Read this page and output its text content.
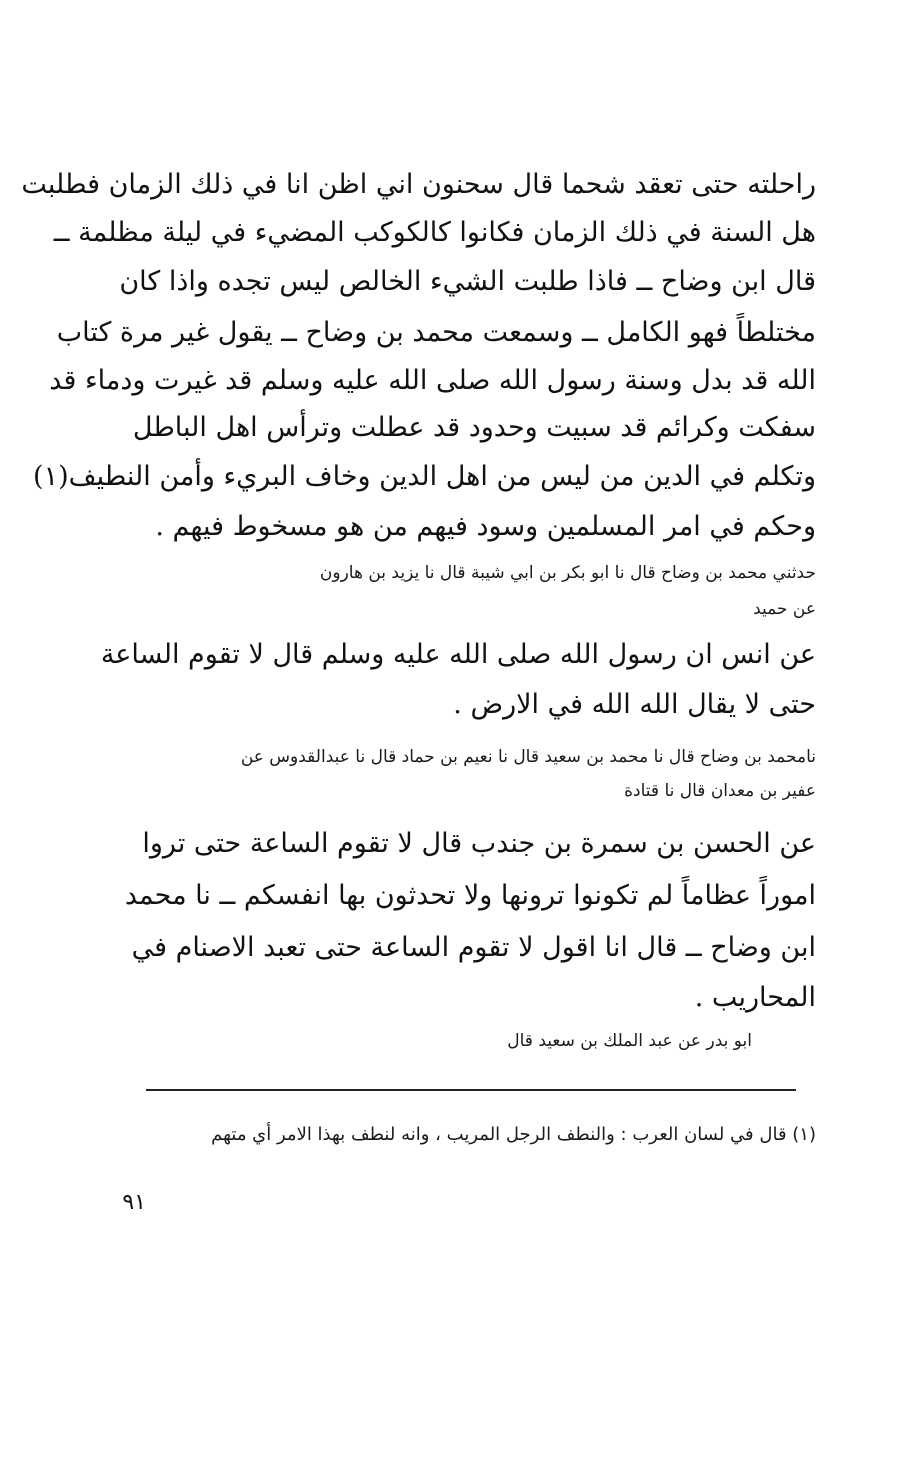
راحلته حتى تعقد شحما قال سحنون اني اظن انا في ذلك الزمان فطلبت
هل السنة في ذلك الزمان فكانوا كالكوكب المضيء في ليلة مظلمة ــ
قال ابن وضاح ــ فاذا طلبت الشيء الخالص ليس تجده واذا كان
مختلطاً فهو الكامل ــ وسمعت محمد بن وضاح ــ يقول غير مرة كتاب
الله قد بدل وسنة رسول الله صلى الله عليه وسلم قد غيرت ودماء قد
سفكت وكرائم قد سبيت وحدود قد عطلت وترأس اهل الباطل
وتكلم في الدين من ليس من اهل الدين وخاف البريء وأمن النطيف(١)
وحكم في امر المسلمين وسود فيهم من هو مسخوط فيهم .
حدثني محمد بن وضاح قال نا ابو بكر بن ابي شيبة قال نا يزيد بن هارون
عن حميد
عن انس ان رسول الله صلى الله عليه وسلم قال لا تقوم الساعة
حتى لا يقال الله الله في الارض .
نامحمد بن وضاح قال نا محمد بن سعيد قال نا نعيم بن حماد قال نا عبدالقدوس عن
عفير بن معدان قال نا قتادة
عن الحسن بن سمرة بن جندب قال لا تقوم الساعة حتى تروا
اموراً عظاماً لم تكونوا ترونها ولا تحدثون بها انفسكم ــ نا محمد
ابن وضاح ــ قال انا اقول لا تقوم الساعة حتى تعبد الاصنام في
المحاريب .
ابو بدر عن عبد الملك بن سعيد قال
(١) قال في لسان العرب : والنطف الرجل المريب ، وانه لنطف بهذا الامر أي متهم
٩١
